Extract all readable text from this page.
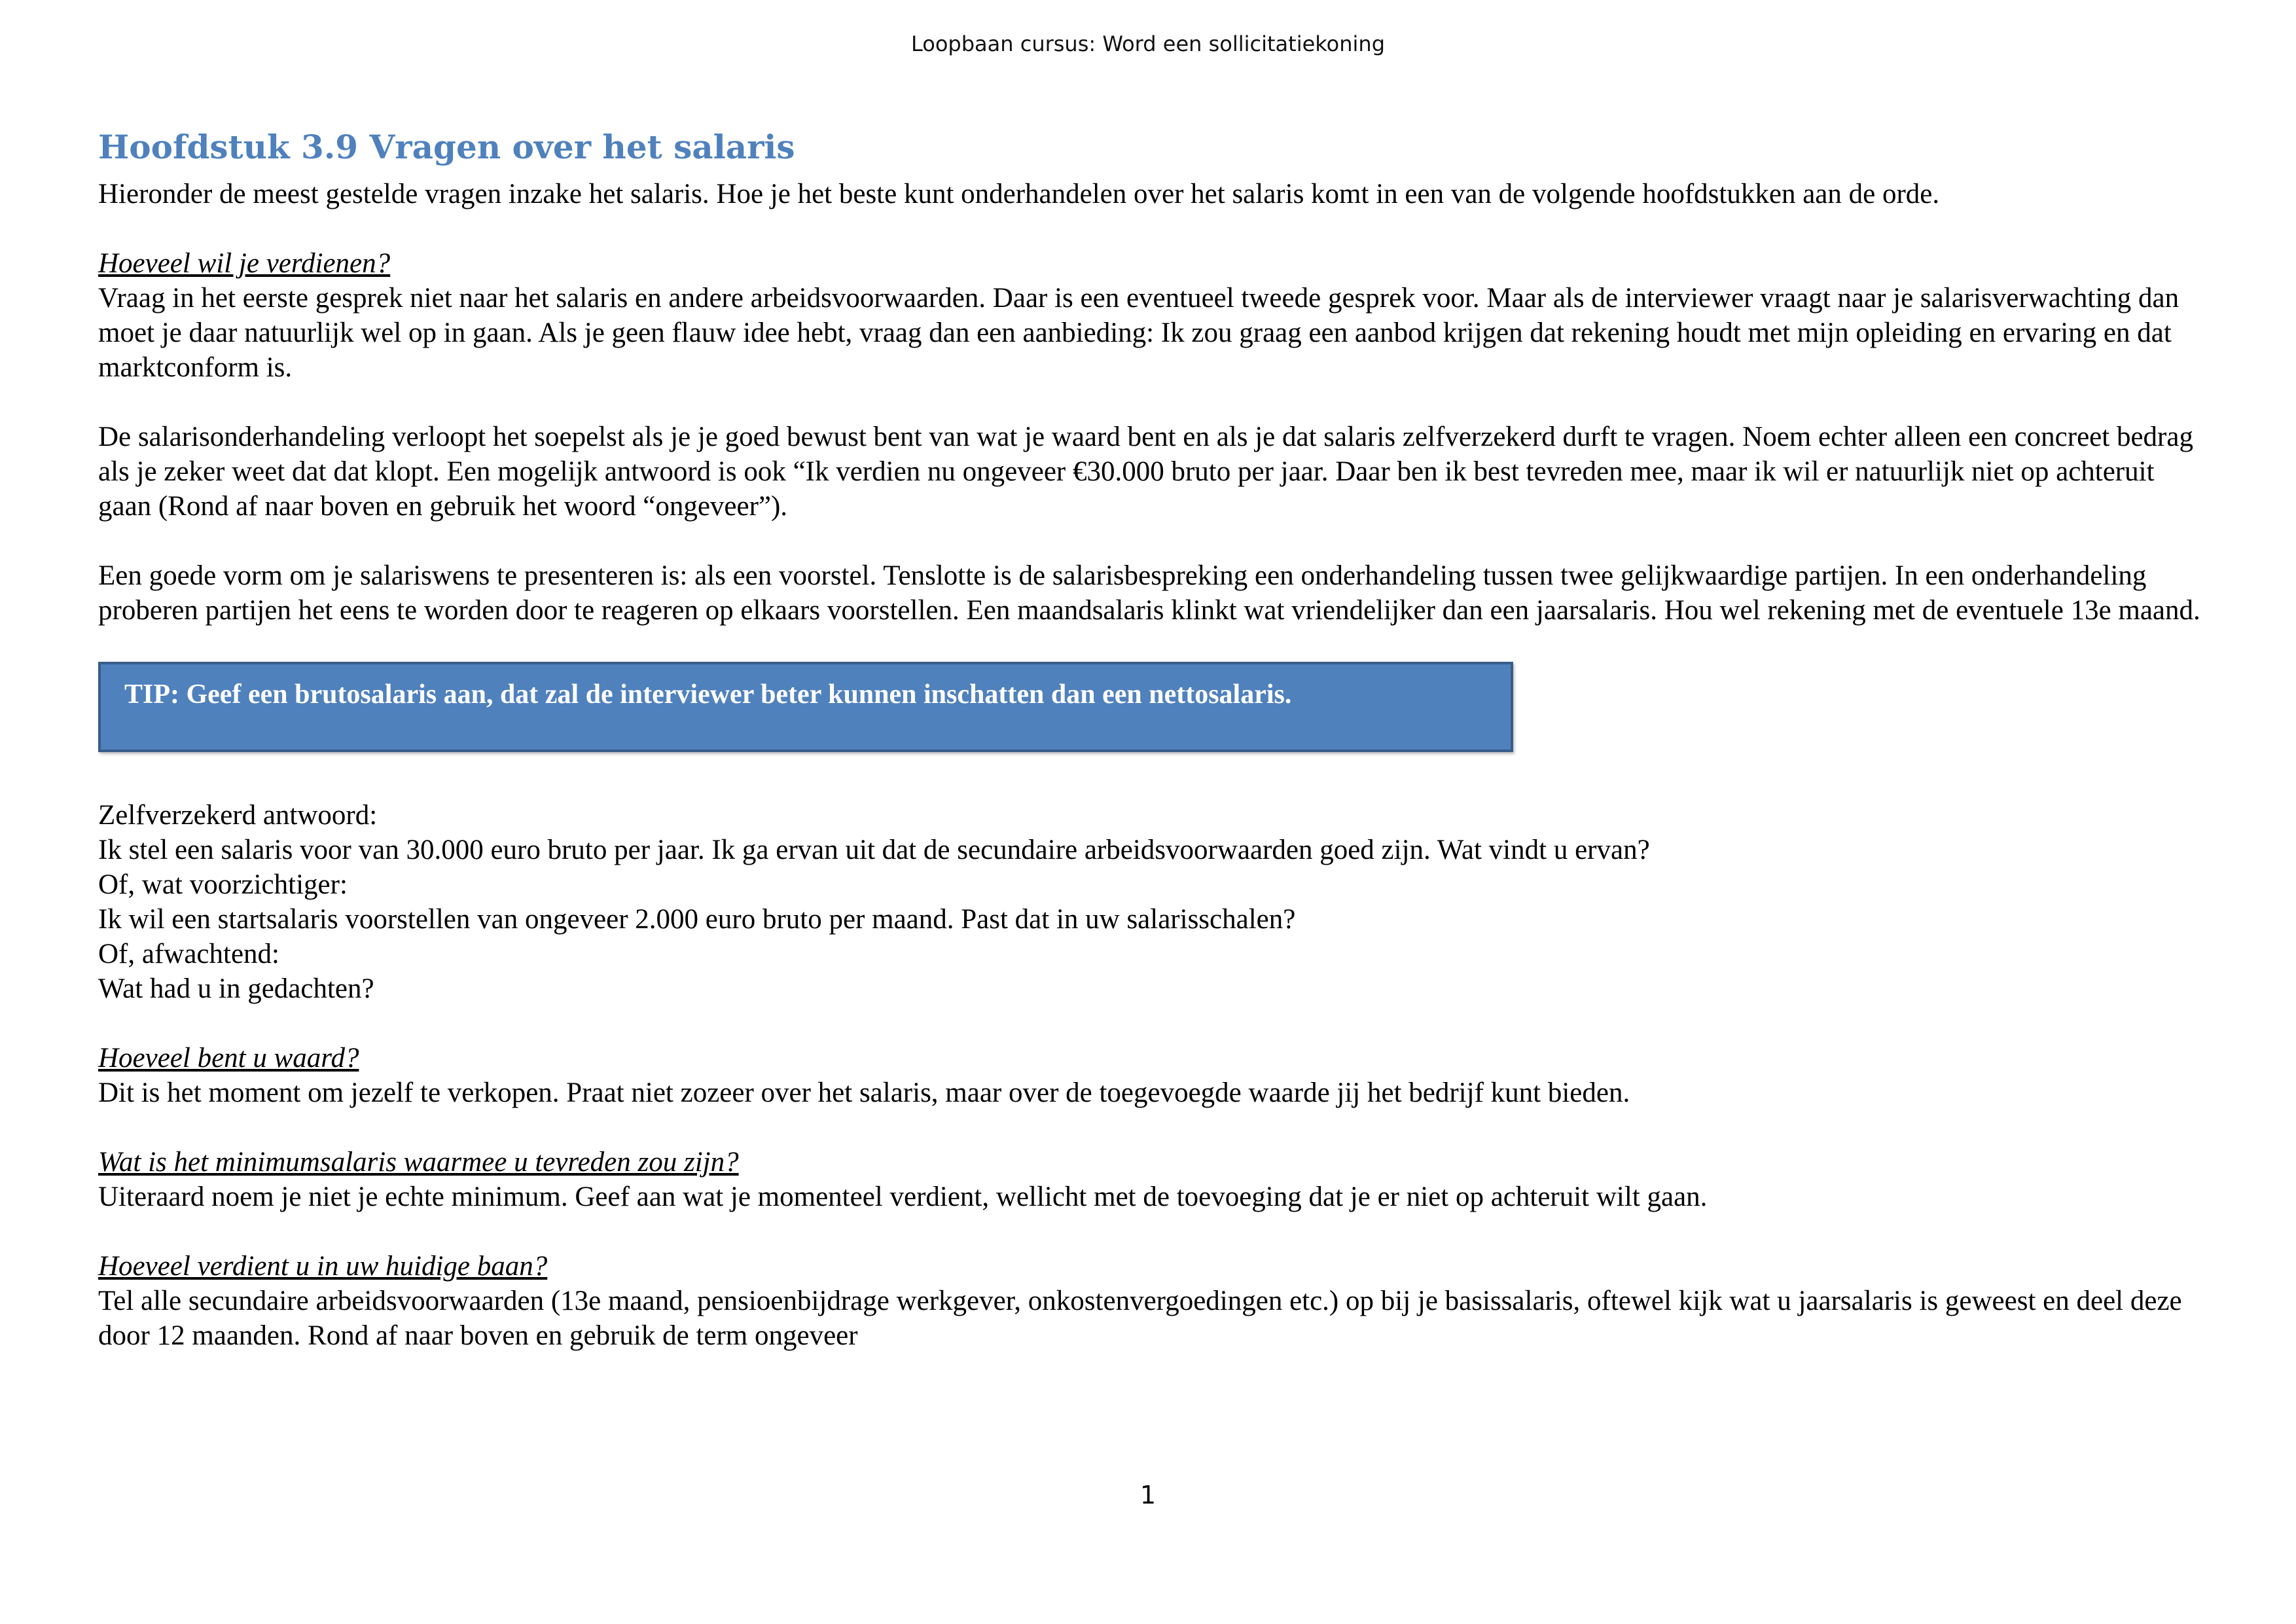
Loopbaan cursus: Word een sollicitatiekoning
Hoofdstuk 3.9 Vragen over het salaris

Hieronder de meest gestelde vragen inzake het salaris. Hoe je het beste kunt onderhandelen over het salaris komt in een van de volgende hoofdstukken aan de orde.

Hoeveel wil je verdienen?

Vraag in het eerste gesprek niet naar het salaris en andere arbeidsvoorwaarden. Daar is een eventueel tweede gesprek voor. Maar als de interviewer vraagt naar je salarisverwachting dan moet je daar natuurlijk wel op in gaan. Als je geen flauw idee hebt, vraag dan een aanbieding: Ik zou graag een aanbod krijgen dat rekening houdt met mijn opleiding en ervaring en dat marktconform is.

De salarisonderhandeling verloopt het soepelst als je je goed bewust bent van wat je waard bent en als je dat salaris zelfverzekerd durft te vragen. Noem echter alleen een concreet bedrag als je zeker weet dat dat klopt. Een mogelijk antwoord is ook “Ik verdien nu ongeveer €30.000 bruto per jaar. Daar ben ik best tevreden mee, maar ik wil er natuurlijk niet op achteruit gaan (Rond af naar boven en gebruik het woord “ongeveer”).

Een goede vorm om je salariswens te presenteren is: als een voorstel. Tenslotte is de salarisbespreking een onderhandeling tussen twee gelijkwaardige partijen. In een onderhandeling proberen partijen het eens te worden door te reageren op elkaars voorstellen. Een maandsalaris klinkt wat vriendelijker dan een jaarsalaris. Hou wel rekening met de eventuele 13e maand.

TIP: Geef een brutosalaris aan, dat zal de interviewer beter kunnen inschatten dan een nettosalaris.

Zelfverzekerd antwoord:

Ik stel een salaris voor van 30.000 euro bruto per jaar. Ik ga ervan uit dat de secundaire arbeidsvoorwaarden goed zijn. Wat vindt u ervan?

Of, wat voorzichtiger:

Ik wil een startsalaris voorstellen van ongeveer 2.000 euro bruto per maand. Past dat in uw salarisschalen?

Of, afwachtend:

Wat had u in gedachten?

Hoeveel bent u waard?

Dit is het moment om jezelf te verkopen. Praat niet zozeer over het salaris, maar over de toegevoegde waarde jij het bedrijf kunt bieden.

Wat is het minimumsalaris waarmee u tevreden zou zijn?

Uiteraard noem je niet je echte minimum. Geef aan wat je momenteel verdient, wellicht met de toevoeging dat je er niet op achteruit wilt gaan.

Hoeveel verdient u in uw huidige baan?

Tel alle secundaire arbeidsvoorwaarden (13e maand, pensioenbijdrage werkgever, onkostenvergoedingen etc.) op bij je basissalaris, oftewel kijk wat u jaarsalaris is geweest en deel deze door 12 maanden. Rond af naar boven en gebruik de term ongeveer

1
